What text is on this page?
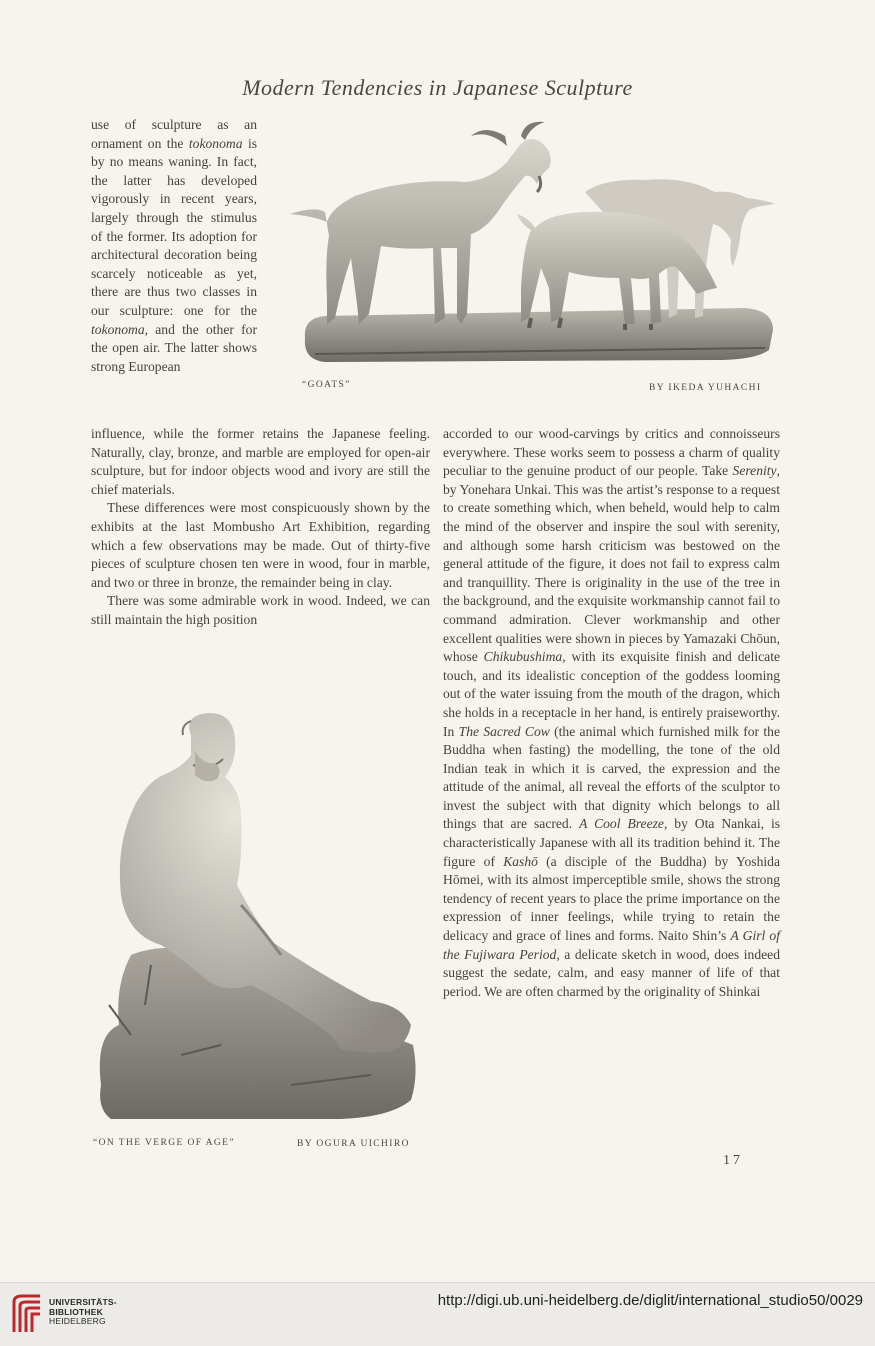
Modern Tendencies in Japanese Sculpture
“GOATS”	BY IKEDA YUHACHI

use of sculpture as an ornament on the tokonoma is by no means waning. In fact, the latter has developed vigorously in recent years, largely through the stimulus of the former. Its adoption for architectural decoration being scarcely noticeable as yet, there are thus two classes in our sculpture: one for the tokonoma, and the other for the open air. The latter shows strong European

influence, while the former retains the Japanese feeling. Naturally, clay, bronze, and marble are employed for open-air sculpture, but for indoor objects wood and ivory are still the chief materials.

These differences were most conspicuously shown by the exhibits at the last Mombusho Art Exhibition, regarding which a few observations may be made. Out of thirty-five pieces of sculpture chosen ten were in wood, four in marble, and two or three in bronze, the remainder being in clay.

There was some admirable work in wood. Indeed, we can still maintain the high position

“ON THE VERGE OF AGE”	BY OGURA UICHIRO

accorded to our wood-carvings by critics and connoisseurs everywhere. These works seem to possess a charm of quality peculiar to the genuine product of our people. Take Serenity, by Yonehara Unkai. This was the artist’s response to a request to create something which, when beheld, would help to calm the mind of the observer and inspire the soul with serenity, and although some harsh criticism was bestowed on the general attitude of the figure, it does not fail to express calm and tranquillity. There is originality in the use of the tree in the background, and the exquisite workmanship cannot fail to command admiration. Clever workmanship and other excellent qualities were shown in pieces by Yamazaki Chōun, whose Chikubushima, with its exquisite finish and delicate touch, and its idealistic conception of the goddess looming out of the water issuing from the mouth of the dragon, which she holds in a receptacle in her hand, is entirely praiseworthy. In The Sacred Cow (the animal which furnished milk for the Buddha when fasting) the modelling, the tone of the old Indian teak in which it is carved, the expression and the attitude of the animal, all reveal the efforts of the sculptor to invest the subject with that dignity which belongs to all things that are sacred. A Cool Breeze, by Ota Nankai, is characteristically Japanese with all its tradition behind it. The figure of Kashō (a disciple of the Buddha) by Yoshida Hōmei, with its almost imperceptible smile, shows the strong tendency of recent years to place the prime importance on the expression of inner feelings, while trying to retain the delicacy and grace of lines and forms. Naito Shin’s A Girl of the Fujiwara Period, a delicate sketch in wood, does indeed suggest the sedate, calm, and easy manner of life of that period. We are often charmed by the originality of Shinkai

17
UNIVERSITÄTS-
BIBLIOTHEK
HEIDELBERG
http://digi.ub.uni-heidelberg.de/diglit/international_studio50/0029
